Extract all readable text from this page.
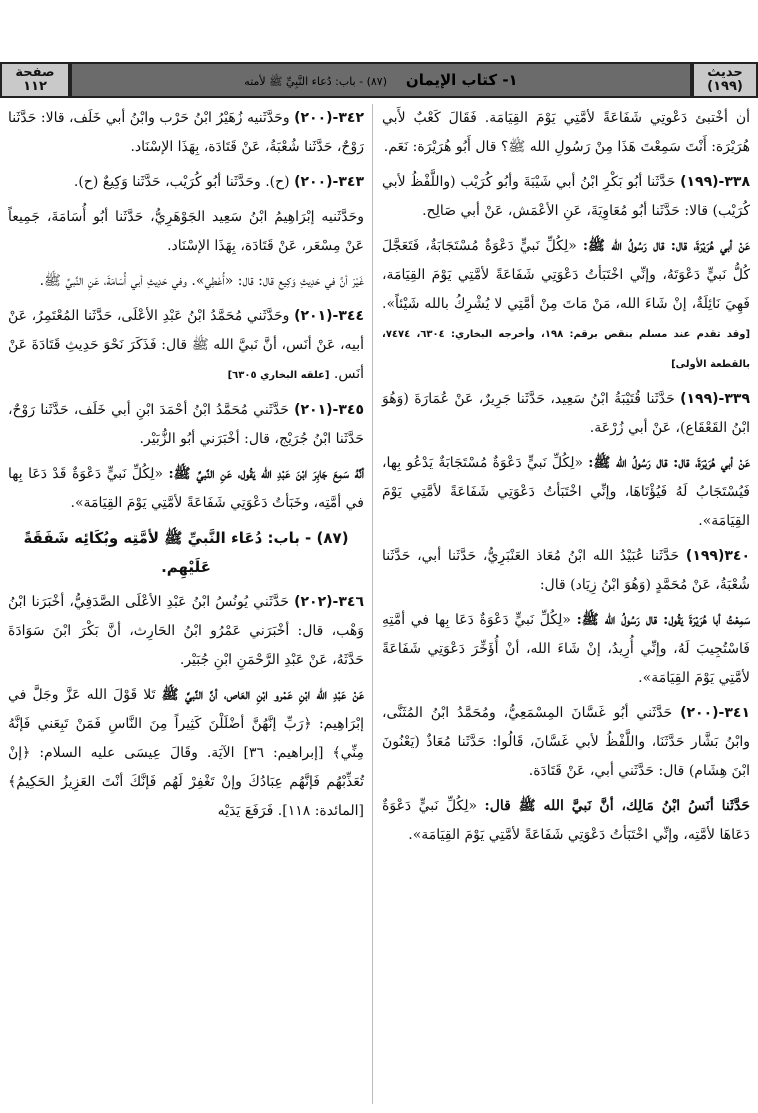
صفحة
١١٢	١- كتاب الإيمان (٨٧) - باب: دُعاء النَّبِيِّ ﷺ لأمته
حديث
(١٩٩)

أن أخْتبئ دَعْوتِي شَفَاعَةً لأمَّتِي يَوْمَ القِيَامَة. فَقَالَ كَعْبٌ لأَبي هُرَيْرَة: أَنْتَ سَمِعْتَ هَذَا مِنْ رَسُولِ الله ﷺ؟ قال أَبُو هُرَيْرَة: نَعَم.

٣٣٨-(١٩٩) حَدَّثَنا أبُو بَكْرِ ابْنُ أبي شَيْبَةَ وأبُو كُرَيْب (واللَّفْظُ لأبي كُرَيْب) قالا: حَدَّثَنا أبُو مُعَاوِيَةَ، عَنِ الأعْمَش، عَنْ أبي صَالِح.

عَنْ أبي هُرَيْرَةَ، قال: قال رَسُولُ الله ﷺ: «لِكُلِّ نَبيٍّ دَعْوَةٌ مُسْتَجَابَةٌ، فَتَعَجَّلَ كُلُّ نَبيٍّ دَعْوَتَهُ، وإنِّي اخْتَبَأتُ دَعْوَتِي شَفَاعَةً لأمَّتِي يَوْمَ القِيَامَة، فَهِيَ نَائِلَةٌ، إنْ شَاءَ الله، مَنْ مَاتَ مِنْ أمَّتِي لا يُشْرِكُ بالله شَيْئاً». [وقد تقدم عند مسلم بنقص برقم: ١٩٨، وأخرجه البخاري: ٦٣٠٤، ٧٤٧٤، بالقطعة الأولى]

٣٣٩-(١٩٩) حَدَّثَنا قُتَيْبَةُ ابْنُ سَعِيد، حَدَّثَنا جَرِيرٌ، عَنْ عُمَارَةَ (وَهُوَ ابْنُ القَعْقَاع)، عَنْ أبي زُرْعَة.

عَنْ أبي هُرَيْرَةَ، قال: قال رَسُولُ الله ﷺ: «لِكُلِّ نَبيٍّ دَعْوَةٌ مُسْتَجَابَةٌ يَدْعُو بِها، فَيُسْتَجَابُ لَهُ فَيُؤْتَاهَا، وإنِّي اخْتَبَأتُ دَعْوَتِي شَفَاعَةً لأمَّتِي يَوْمَ القِيَامَة».

٣٤٠(١٩٩) حَدَّثَنا عُبَيْدُ الله ابْنُ مُعَاذ العَنْبَرِيُّ، حَدَّثَنا أبي، حَدَّثَنا شُعْبَةُ، عَنْ مُحَمَّدٍ (وَهُوَ ابْنُ زِيَاد) قال:

سَمِعْتُ أبا هُرَيْرَةَ يَقُول: قال رَسُولُ الله ﷺ: «لِكُلِّ نَبيٍّ دَعْوَةٌ دَعَا بِها في أمَّتِهِ فَاسْتُجِيبَ لَهُ، وإنِّي أُرِيدُ، إنْ شَاءَ الله، أنْ أُؤَخِّرَ دَعْوَتِي شَفَاعَةً لأمَّتِي يَوْمَ القِيَامَة».

٣٤١-(٢٠٠) حَدَّثَني أبُو غَسَّانَ المِسْمَعِيُّ، ومُحَمَّدُ ابْنُ المُثَنَّى، وابْنُ بَشَّار حَدَّثَنَا، واللَّفْظُ لأبي غَسَّانَ، قَالُوا: حَدَّثَنا مُعَاذٌ (يَعْنُونَ ابْنَ هِشَام) قال: حَدَّثَني أبي، عَنْ قَتَادَة.

حَدَّثَنا أنَسُ ابْنُ مَالِك، أنَّ نَبيَّ الله ﷺ قال: «لِكُلِّ نَبيٍّ دَعْوَةٌ دَعَاهَا لأمَّتِه، وإنِّي اخْتَبَأتُ دَعْوَتِي شَفَاعَةً لأمَّتِي يَوْمَ القِيَامَة».

٣٤٢-(٢٠٠) وحَدَّثَنيه زُهَيْرُ ابْنُ حَرْب وابْنُ أبي خَلَف، قالا: حَدَّثَنا رَوْحٌ، حَدَّثَنا شُعْبَةُ، عَنْ قَتَادَة، بِهَذَا الإسْنَاد.

٣٤٣-(٢٠٠) (ح). وحَدَّثَنا أبُو كُرَيْب، حَدَّثَنا وَكِيعٌ (ح).

وحَدَّثَنيه إبْرَاهِيمُ ابْنُ سَعِيد الجَوْهَرِيُّ، حَدَّثَنا أبُو أُسَامَةَ، جَمِيعاً عَنْ مِسْعَر، عَنْ قَتَادَة، بِهَذَا الإسْنَاد.

غَيْرَ أنَّ في حَدِيثِ وَكِيع قال: قال: «أُعْطِي». وفي حَدِيثِ أبي أُسَامَةَ، عَنِ النَّبيِّ ﷺ.

٣٤٤-(٢٠١) وحَدَّثَني مُحَمَّدُ ابْنُ عَبْدِ الأعْلَى، حَدَّثَنا المُعْتَمِرُ، عَنْ أبيه، عَنْ أنَس، أنَّ نَبيَّ الله ﷺ قال: فَذَكَرَ نَحْوَ حَدِيثِ قَتَادَةَ عَنْ أنَس. [علقه البخاري ٦٣٠٥]

٣٤٥-(٢٠١) حَدَّثَني مُحَمَّدُ ابْنُ أحْمَدَ ابْنِ أبي خَلَف، حَدَّثَنا رَوْحٌ، حَدَّثَنا ابْنُ جُرَيْج، قال: أخْبَرَني أبُو الزُّبَيْر.

أنَّهُ سَمِعَ جَابِرَ ابْنَ عَبْدِ الله يَقُول، عَنِ النَّبيِّ ﷺ: «لِكُلِّ نَبيٍّ دَعْوَةٌ قَدْ دَعَا بِها في أمَّتِه، وخَبَأتُ دَعْوَتِي شَفَاعَةً لأمَّتِي يَوْمَ القِيَامَة».

(٨٧) - باب: دُعَاء النَّبيِّ ﷺ لأمَّتِه وبُكَائِه شَفَقَةً عَلَيْهِم.

٣٤٦-(٢٠٢) حَدَّثَني يُونُسُ ابْنُ عَبْدِ الأعْلَى الصَّدَفِيُّ، أخْبَرَنا ابْنُ وَهْب، قال: أخْبَرَني عَمْرُو ابْنُ الحَارِث، أنَّ بَكْرَ ابْنَ سَوَادَةَ حَدَّثَهُ، عَنْ عَبْدِ الرَّحْمَنِ ابْنِ جُبَيْر.

عَنْ عَبْدِ الله ابْنِ عَمْرو ابْنِ العَاص، أنَّ النَّبيَّ ﷺ تَلا قَوْلَ الله عَزَّ وجَلَّ في إبْرَاهِيم: ﴿رَبِّ إنَّهُنَّ أضْلَلْنَ كَثِيراً مِنَ النَّاسِ فَمَنْ تَبِعَني فَإنَّهُ مِنِّي﴾ [إبراهيم: ٣٦] الآيَة. وقَالَ عِيسَى عليه السلام: ﴿إنْ تُعَذِّبْهُم فَإنَّهُم عِبَادُكَ وإنْ تَغْفِرْ لَهُم فَإنَّكَ أنْتَ العَزِيزُ الحَكِيمُ﴾ [المائدة: ١١٨]. فَرَفَعَ يَدَيْه
